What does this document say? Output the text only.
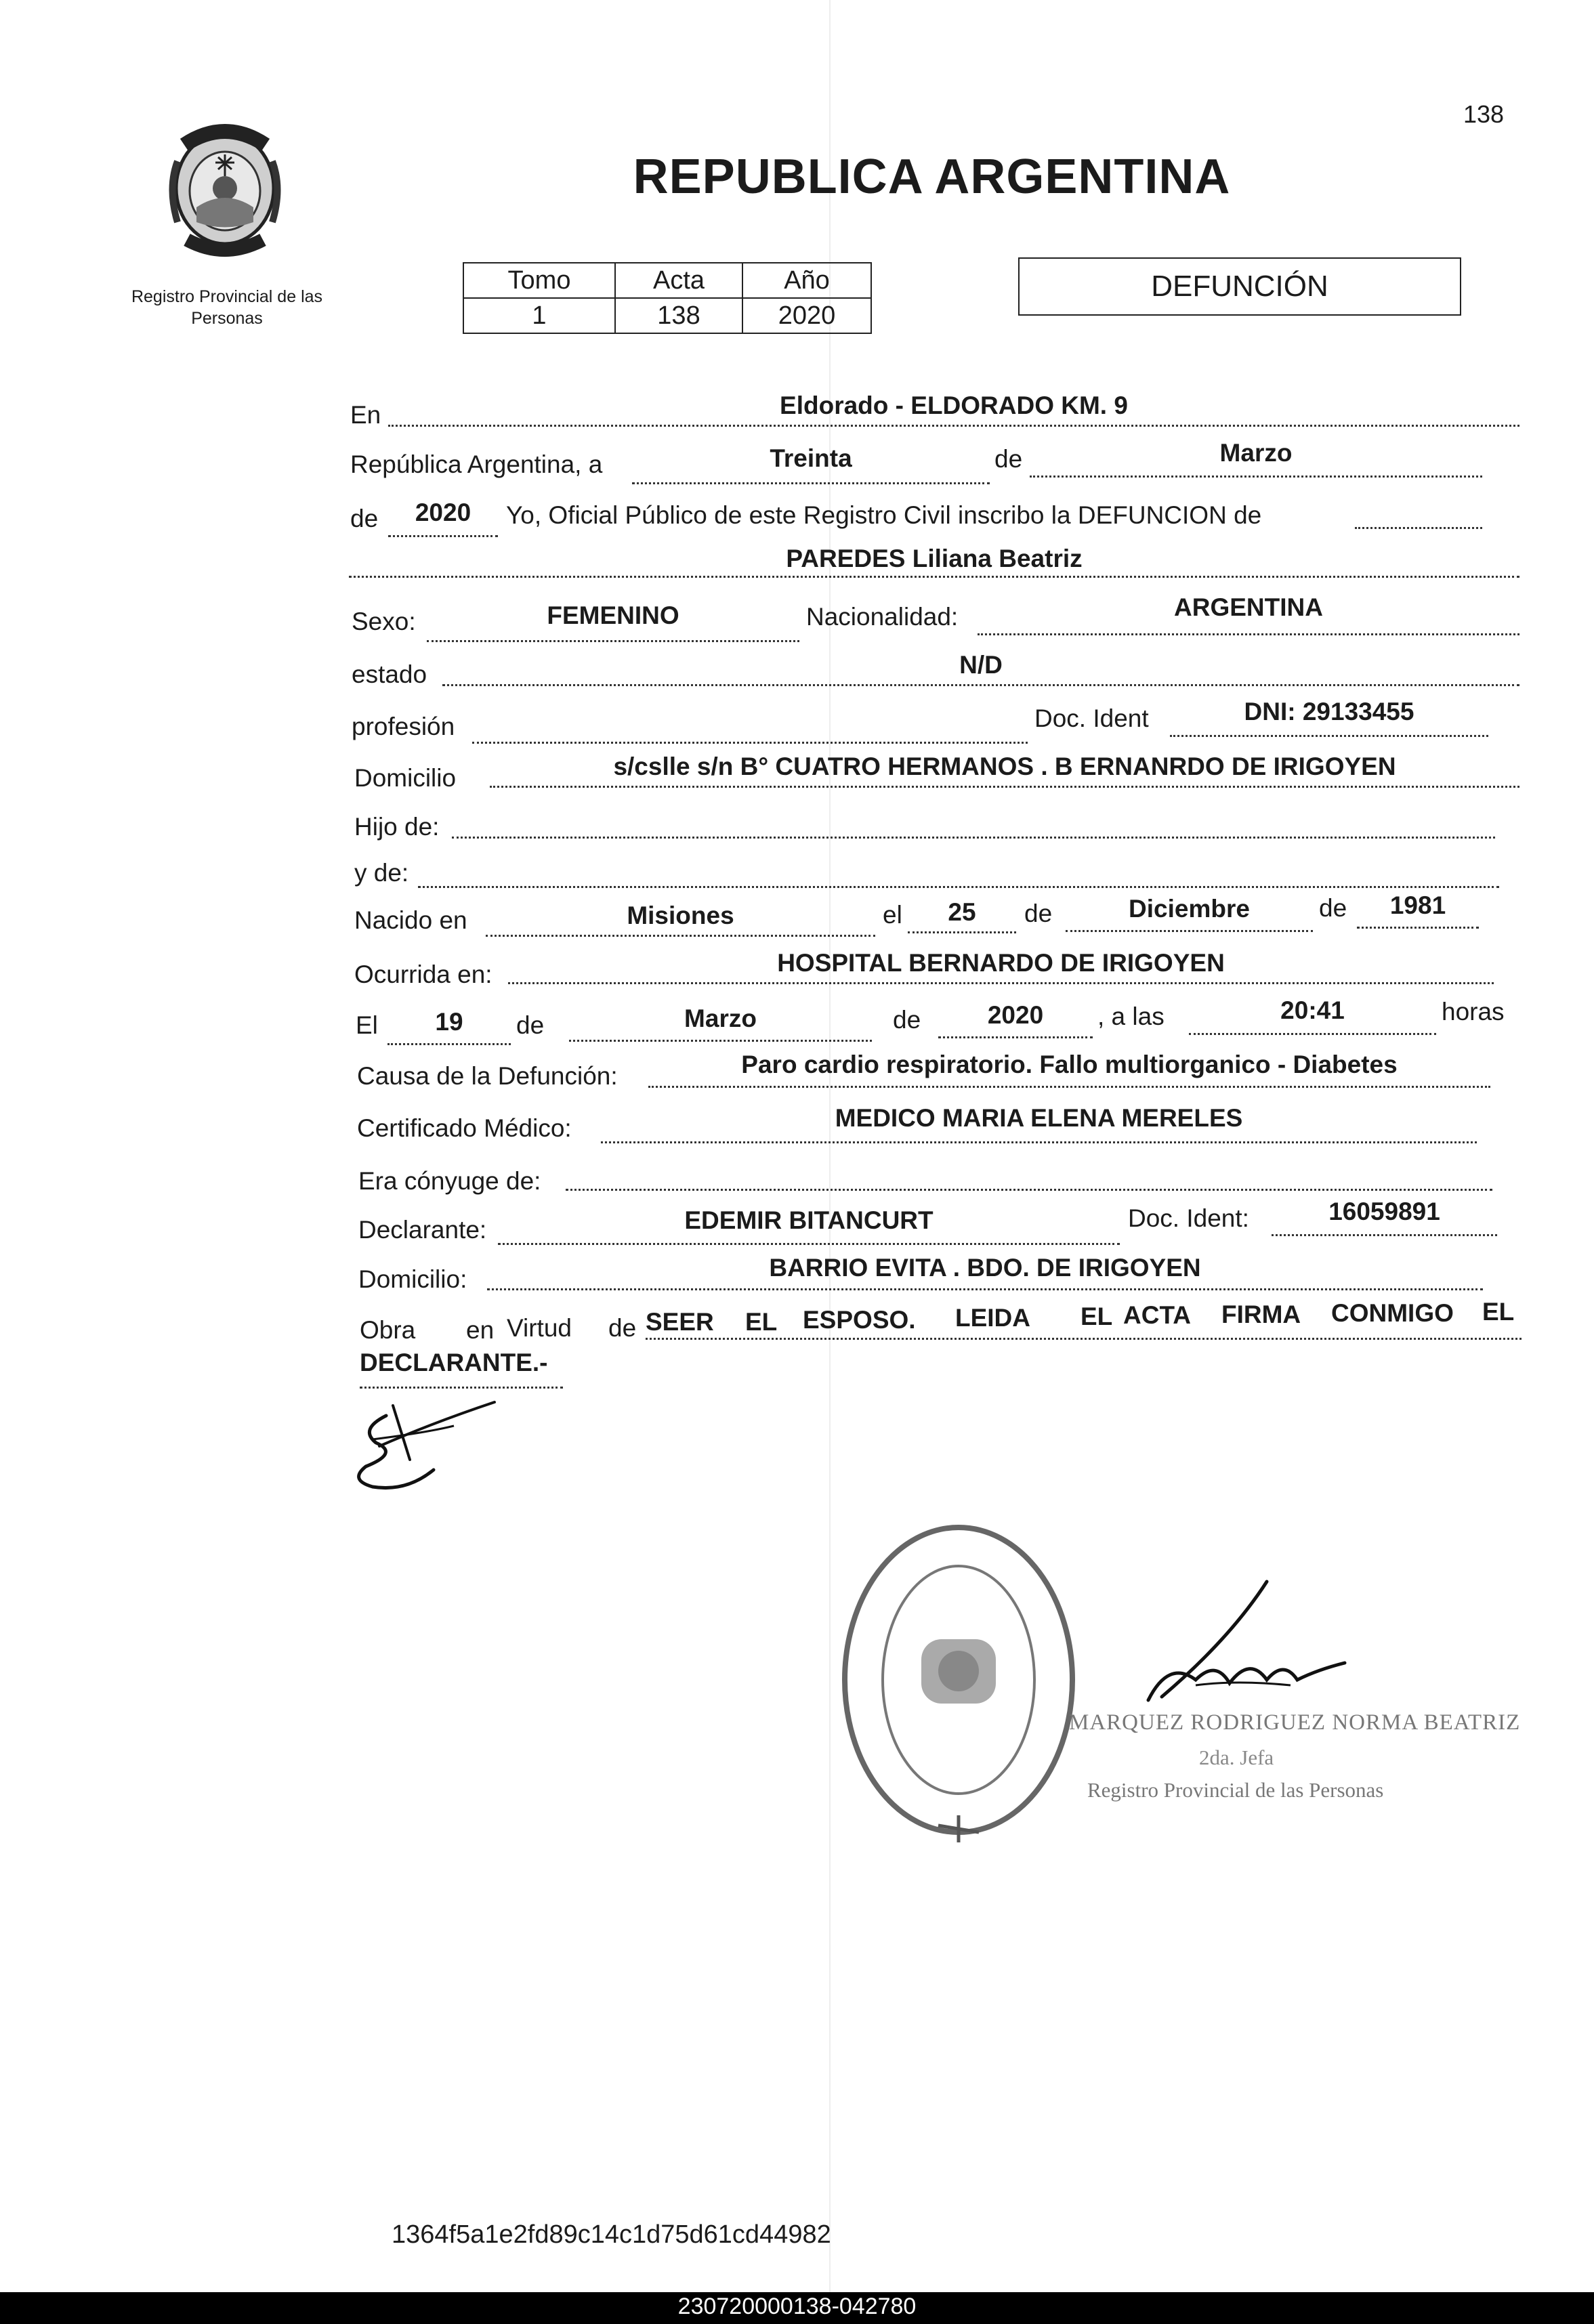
138
Registro Provincial de las Personas
REPUBLICA ARGENTINA
Tomo	Acta	Año
1	138	2020
DEFUNCIÓN
En	Eldorado - ELDORADO KM. 9
República Argentina, a	Treinta	de	Marzo
de	2020	Yo, Oficial Público de este Registro Civil inscribo la DEFUNCION de
PAREDES Liliana Beatriz
Sexo:	FEMENINO	Nacionalidad:	ARGENTINA
estado	N/D
profesión	Doc. Ident	DNI: 29133455
Domicilio	s/cslle s/n B° CUATRO HERMANOS . B ERNANRDO DE IRIGOYEN
Hijo de:
y de:
Nacido en	Misiones	el	25	de	Diciembre	de	1981
Ocurrida en:	HOSPITAL BERNARDO DE IRIGOYEN
El	19	de	Marzo	de	2020	, a las	20:41	horas
Causa de la Defunción:	Paro cardio respiratorio. Fallo multiorganico - Diabetes
Certificado Médico:	MEDICO MARIA ELENA MERELES
Era cónyuge de:
Declarante:	EDEMIR BITANCURT	Doc. Ident:	16059891
Domicilio:	BARRIO EVITA . BDO. DE IRIGOYEN
Obra en Virtud de SEER EL ESPOSO. LEIDA EL ACTA FIRMA CONMIGO EL
DECLARANTE.-
MARQUEZ RODRIGUEZ NORMA BEATRIZ
2da. Jefa
Registro Provincial de las Personas
1364f5a1e2fd89c14c1d75d61cd44982
230720000138-042780
